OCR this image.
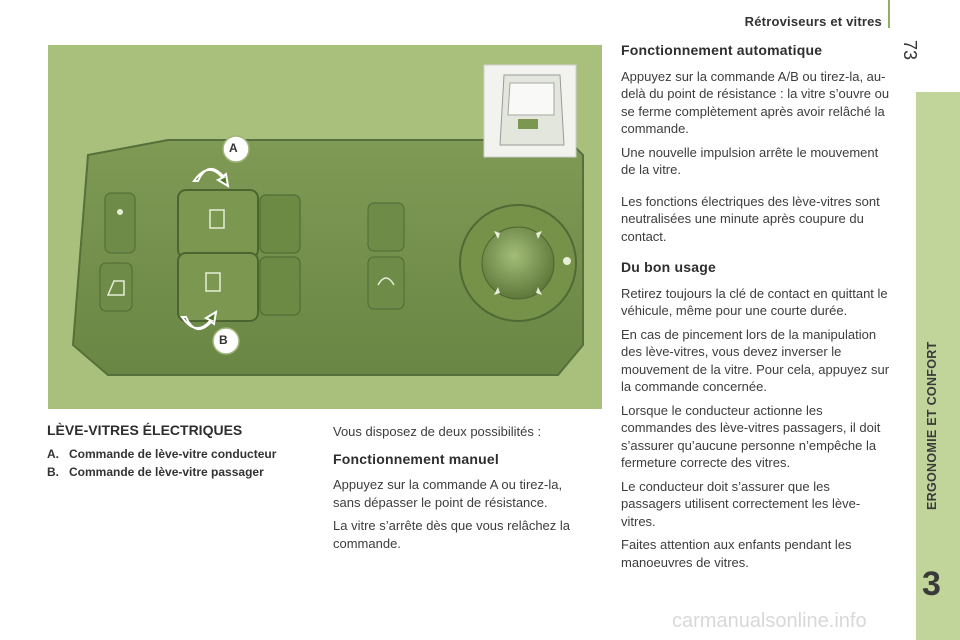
Rétroviseurs et vitres
73
ERGONOMIE ET CONFORT
3
A
B
LÈVE-VITRES ÉLECTRIQUES
A. Commande de lève-vitre conducteur
B. Commande de lève-vitre passager

Vous disposez de deux possibilités :

Fonctionnement manuel

Appuyez sur la commande A ou tirez-la, sans dépasser le point de résistance.

La vitre s’arrête dès que vous relâchez la commande.

Fonctionnement automatique

Appuyez sur la commande A/B ou tirez-la, au-delà du point de résistance : la vitre s’ouvre ou se ferme complètement après avoir relâché la commande.

Une nouvelle impulsion arrête le mouvement de la vitre.

Les fonctions électriques des lève-vitres sont neutralisées une minute après coupure du contact.

Du bon usage

Retirez toujours la clé de contact en quittant le véhicule, même pour une courte durée.

En cas de pincement lors de la manipulation des lève-vitres, vous devez inverser le mouvement de la vitre. Pour cela, appuyez sur la commande concernée.

Lorsque le conducteur actionne les commandes des lève-vitres passagers, il doit s’assurer qu’aucune personne n’empêche la fermeture correcte des vitres.

Le conducteur doit s’assurer que les passagers utilisent correctement les lève-vitres.

Faites attention aux enfants pendant les manoeuvres de vitres.

carmanualsonline.info
